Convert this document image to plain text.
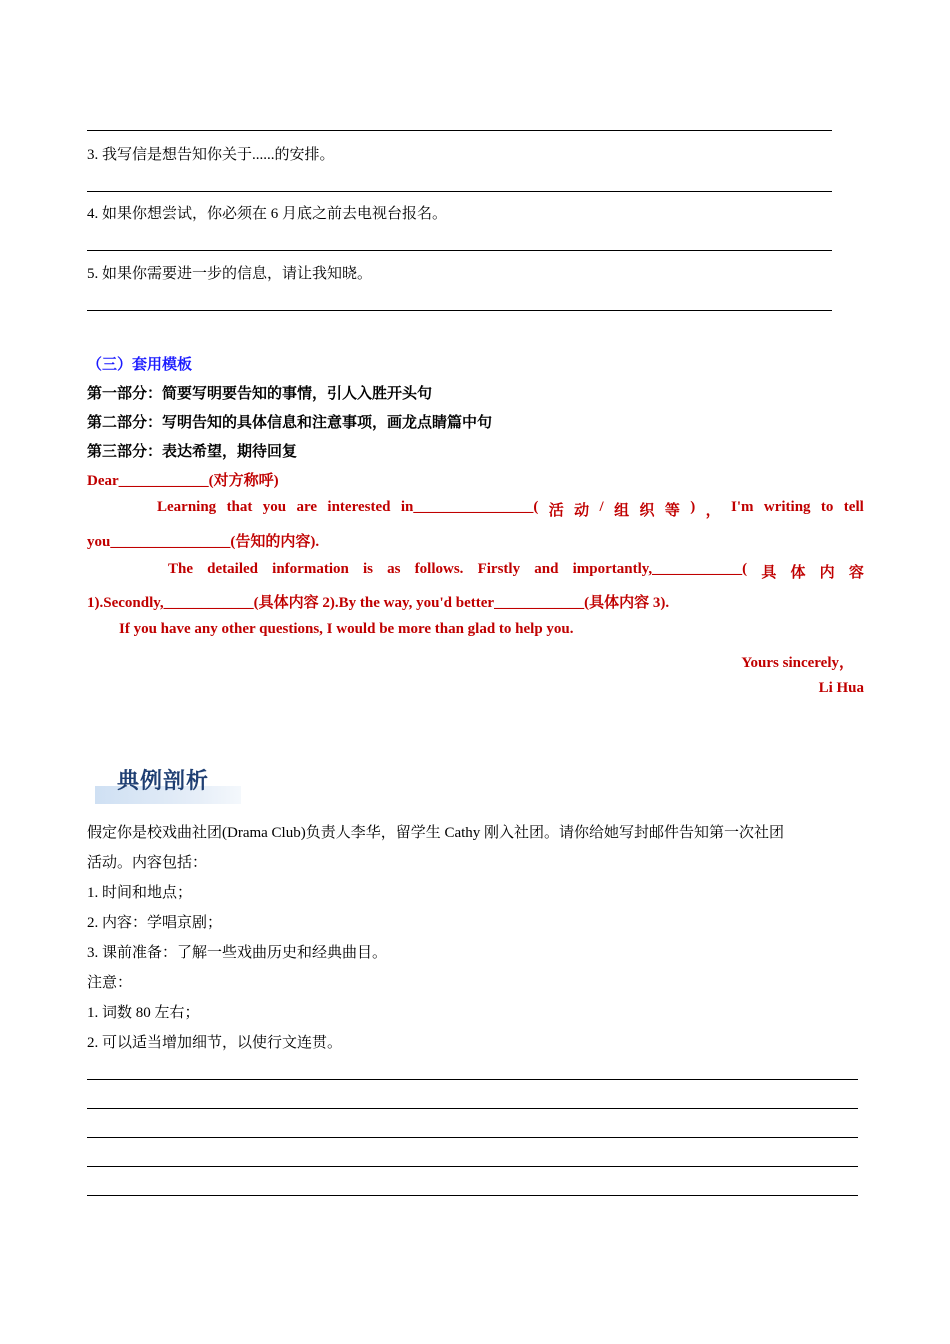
3. 我写信是想告知你关于......的安排。
4. 如果你想尝试，你必须在 6 月底之前去电视台报名。
5. 如果你需要进一步的信息，请让我知晓。
（三）套用模板
第一部分：简要写明要告知的事情，引人入胜开头句
第二部分：写明告知的具体信息和注意事项，画龙点睛篇中句
第三部分：表达希望，期待回复
Dear____________(对方称呼)
Learning that you are interested in________________( 活 动 / 组 织 等 ) ， I'm writing to tell
you________________(告知的内容).
The detailed information is as follows. Firstly and importantly,____________( 具 体 内 容
1).Secondly,____________(具体内容 2).By the way, you'd better____________(具体内容 3).
If you have any other questions, I would be more than glad to help you.
Yours sincerely，
Li Hua
典例剖析
假定你是校戏曲社团(Drama Club)负责人李华，留学生 Cathy 刚入社团。请你给她写封邮件告知第一次社团
活动。内容包括：
1. 时间和地点；
2. 内容：学唱京剧；
3. 课前准备：了解一些戏曲历史和经典曲目。
注意：
1. 词数 80 左右；
2. 可以适当增加细节，以使行文连贯。
